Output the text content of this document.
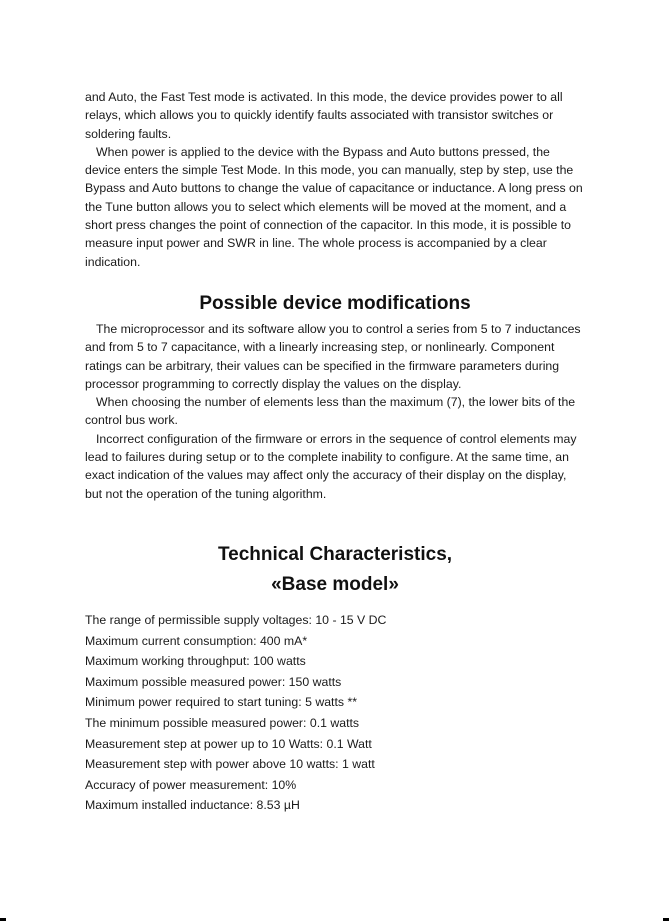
and Auto, the Fast Test mode is activated. In this mode, the device provides power to all relays, which allows you to quickly identify faults associated with transistor switches or soldering faults.

When power is applied to the device with the Bypass and Auto buttons pressed, the device enters the simple Test Mode. In this mode, you can manually, step by step, use the Bypass and Auto buttons to change the value of capacitance or inductance. A long press on the Tune button allows you to select which elements will be moved at the moment, and a short press changes the point of connection of the capacitor. In this mode, it is possible to measure input power and SWR in line. The whole process is accompanied by a clear indication.

Possible device modifications

The microprocessor and its software allow you to control a series from 5 to 7 inductances and from 5 to 7 capacitance, with a linearly increasing step, or nonlinearly. Component ratings can be arbitrary, their values can be specified in the firmware parameters during processor programming to correctly display the values on the display.

When choosing the number of elements less than the maximum (7), the lower bits of the control bus work.

Incorrect configuration of the firmware or errors in the sequence of control elements may lead to failures during setup or to the complete inability to configure. At the same time, an exact indication of the values may affect only the accuracy of their display on the display, but not the operation of the tuning algorithm.

Technical Characteristics,
«Base model»

The range of permissible supply voltages: 10 - 15 V DC

Maximum current consumption: 400 mA*

Maximum working throughput: 100 watts

Maximum possible measured power: 150 watts

Minimum power required to start tuning: 5 watts **

The minimum possible measured power: 0.1 watts

Measurement step at power up to 10 Watts: 0.1 Watt

Measurement step with power above 10 watts: 1 watt

Accuracy of power measurement: 10%

Maximum installed inductance: 8.53 µH
